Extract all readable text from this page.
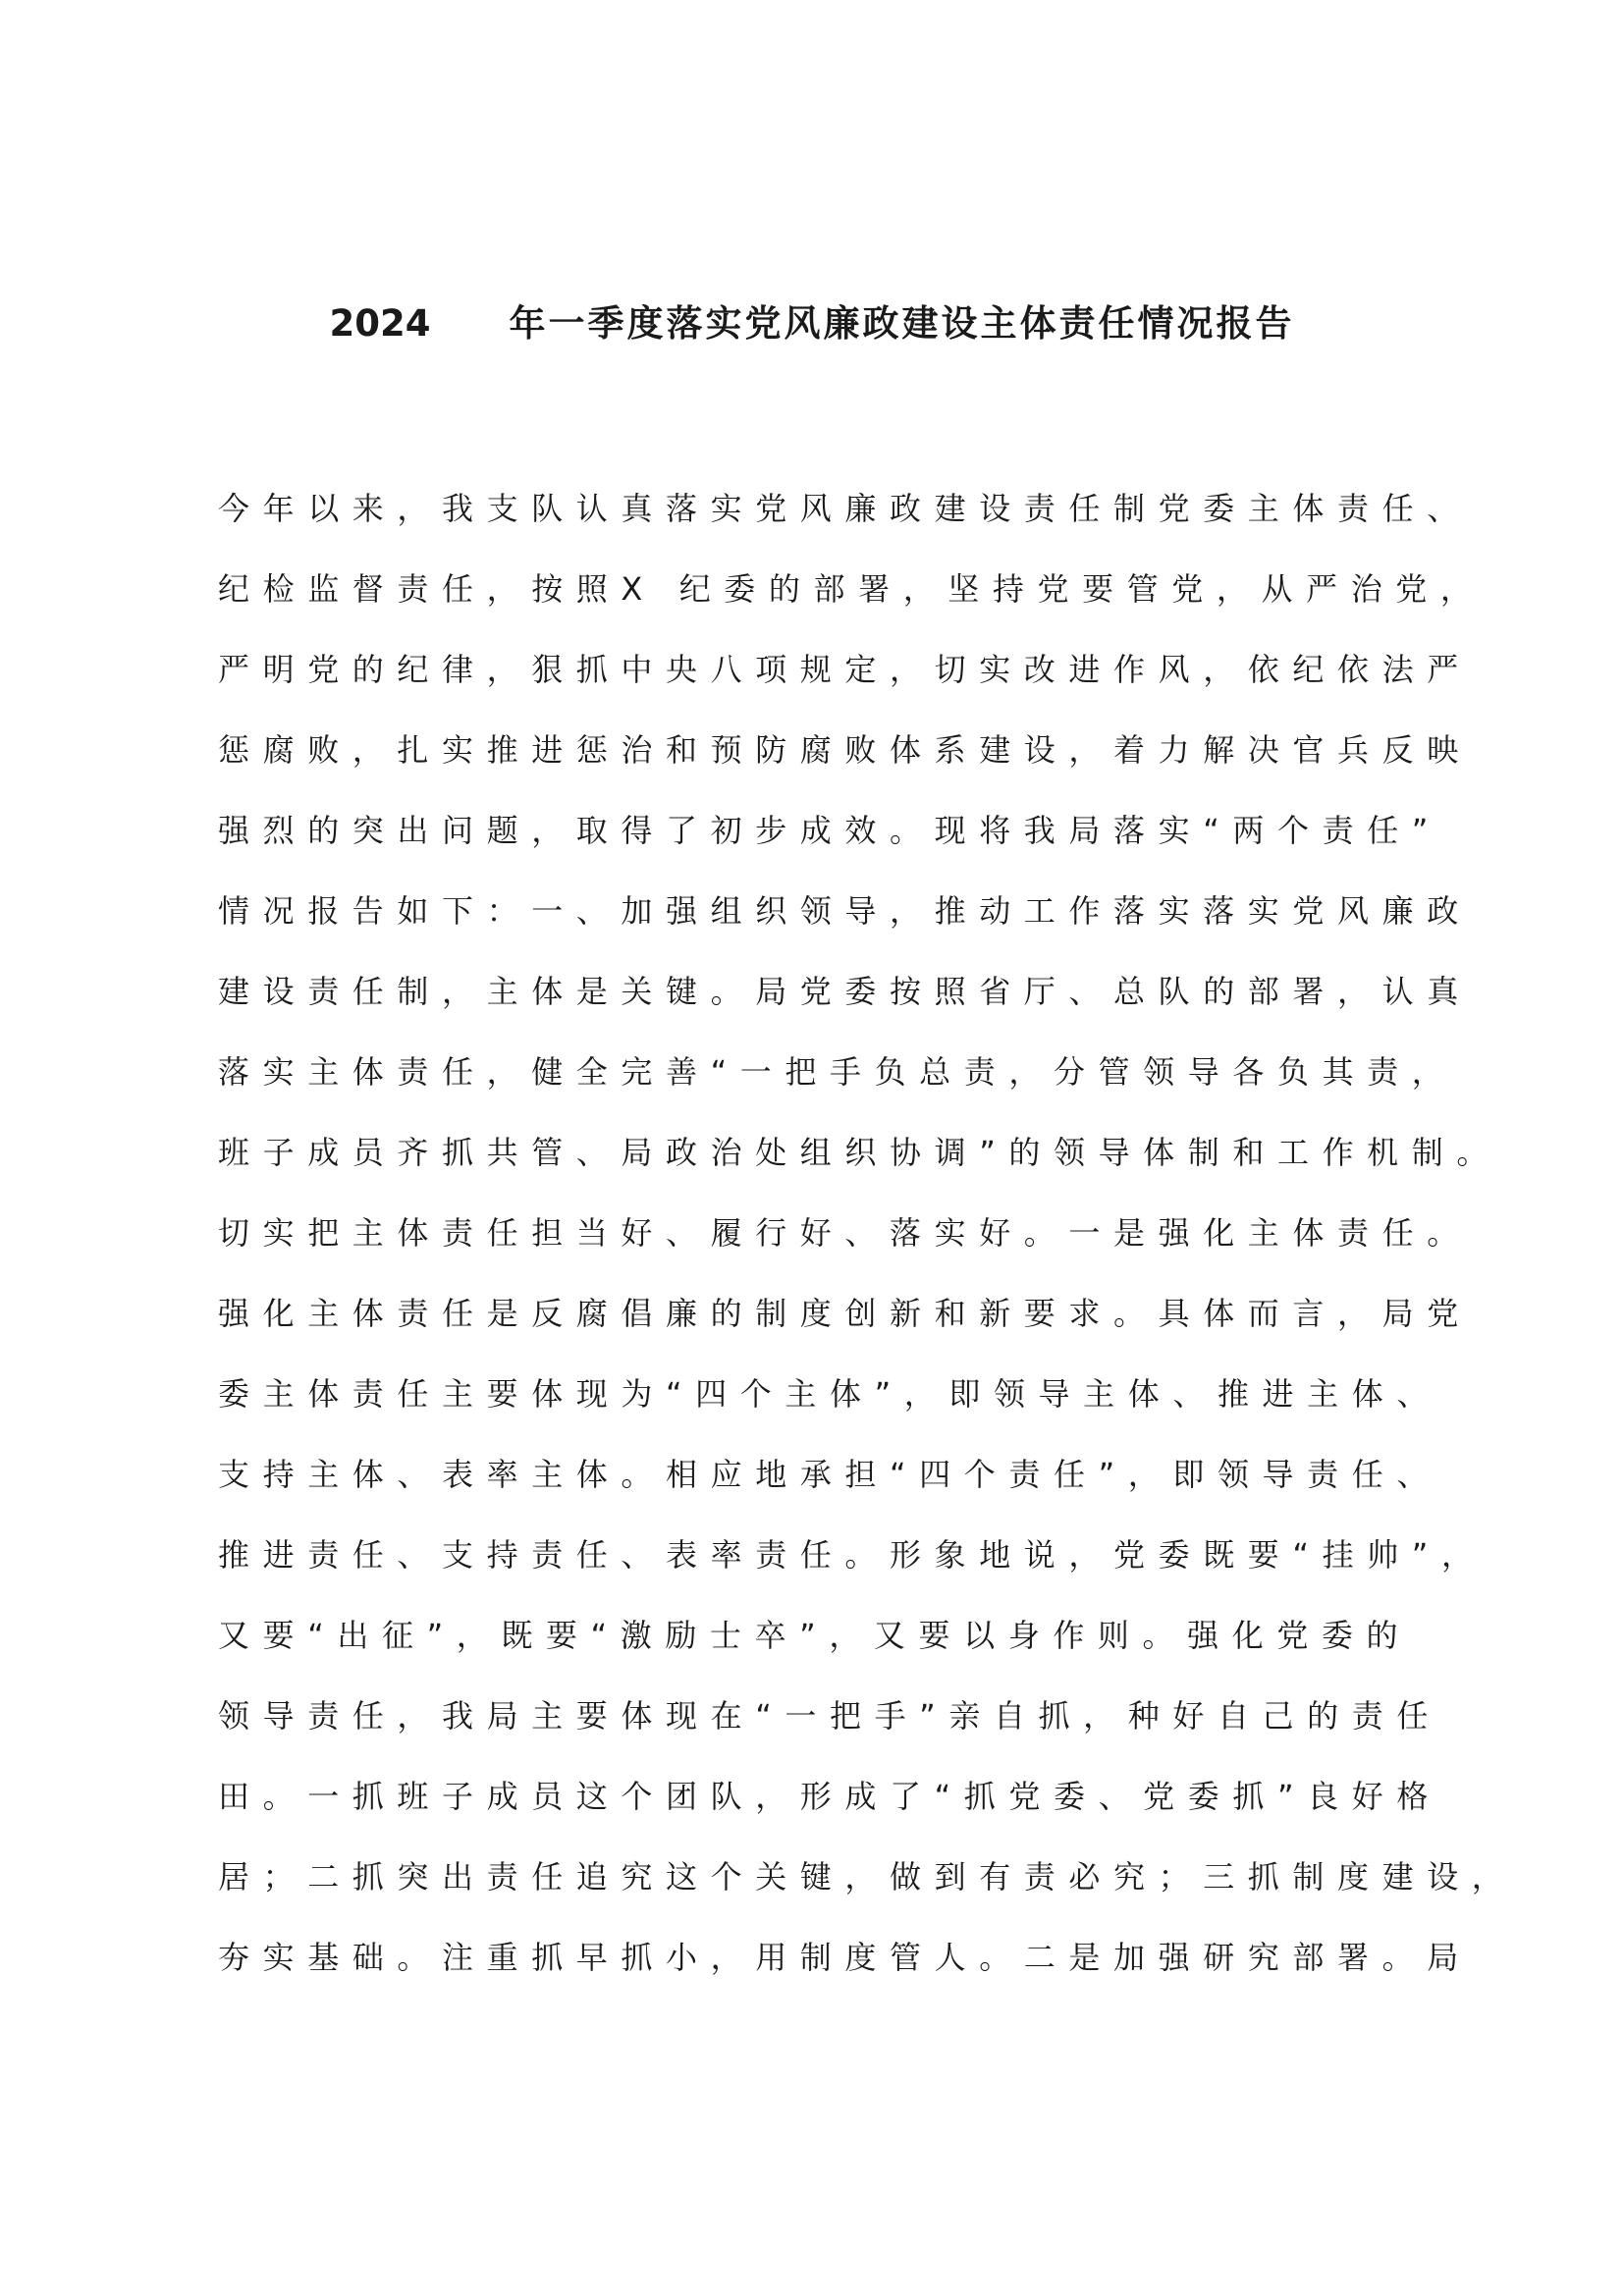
2024 年一季度落实党风廉政建设主体责任情况报告
今年以来，我支队认真落实党风廉政建设责任制党委主体责任、
纪检监督责任，按照X 纪委的部署，坚持党要管党，从严治党，
严明党的纪律，狠抓中央八项规定，切实改进作风，依纪依法严
惩腐败，扎实推进惩治和预防腐败体系建设，着力解决官兵反映
强烈的突出问题，取得了初步成效。现将我局落实“两个责任”
情况报告如下：一、加强组织领导，推动工作落实落实党风廉政
建设责任制，主体是关键。局党委按照省厅、总队的部署，认真
落实主体责任，健全完善“一把手负总责，分管领导各负其责，
班子成员齐抓共管、局政治处组织协调”的领导体制和工作机制。
切实把主体责任担当好、履行好、落实好。一是强化主体责任。
强化主体责任是反腐倡廉的制度创新和新要求。具体而言，局党
委主体责任主要体现为“四个主体”，即领导主体、推进主体、
支持主体、表率主体。相应地承担“四个责任”，即领导责任、
推进责任、支持责任、表率责任。形象地说，党委既要“挂帅”，
又要“出征”，既要“激励士卒”，又要以身作则。强化党委的
领导责任，我局主要体现在“一把手”亲自抓，种好自己的责任
田。一抓班子成员这个团队，形成了“抓党委、党委抓”良好格
居；二抓突出责任追究这个关键，做到有责必究；三抓制度建设，
夯实基础。注重抓早抓小，用制度管人。二是加强研究部署。局
